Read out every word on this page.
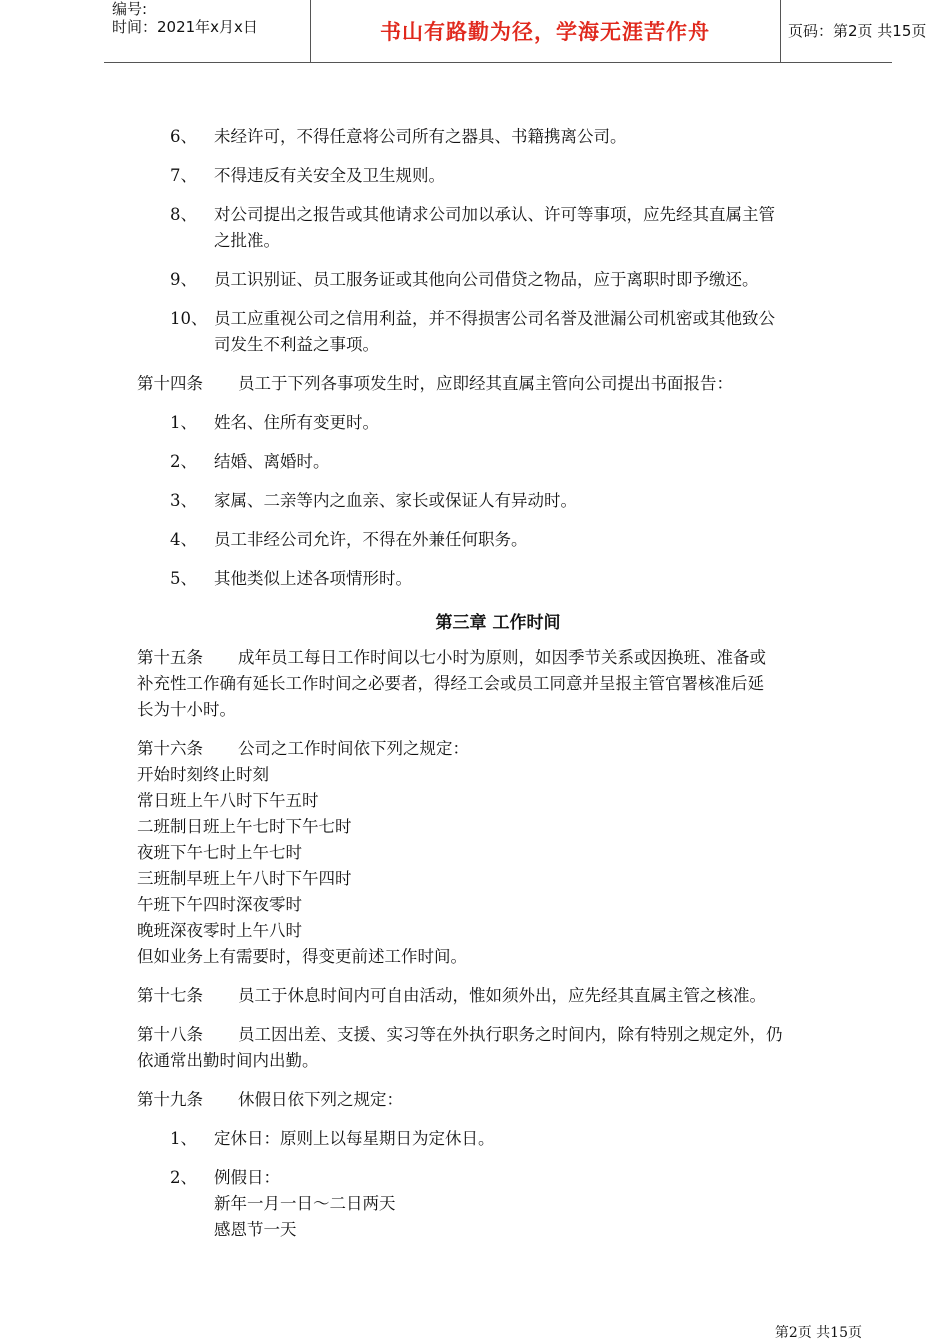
编号:
时间：2021年x月x日	书山有路勤为径，学海无涯苦作舟	页码：第2页 共15页
6、 未经许可，不得任意将公司所有之器具、书籍携离公司。
7、 不得违反有关安全及卫生规则。
8、 对公司提出之报告或其他请求公司加以承认、许可等事项，应先经其直属主管
之批准。
9、 员工识别证、员工服务证或其他向公司借贷之物品，应于离职时即予缴还。
10、 员工应重视公司之信用利益，并不得损害公司名誉及泄漏公司机密或其他致公
司发生不利益之事项。
第十四条 员工于下列各事项发生时，应即经其直属主管向公司提出书面报告：
1、 姓名、住所有变更时。
2、 结婚、离婚时。
3、 家属、二亲等内之血亲、家长或保证人有异动时。
4、 员工非经公司允许，不得在外兼任何职务。
5、 其他类似上述各项情形时。
第三章 工作时间
第十五条 成年员工每日工作时间以七小时为原则，如因季节关系或因换班、准备或
补充性工作确有延长工作时间之必要者，得经工会或员工同意并呈报主管官署核准后延
长为十小时。
第十六条 公司之工作时间依下列之规定：
开始时刻终止时刻
常日班上午八时下午五时
二班制日班上午七时下午七时
夜班下午七时上午七时
三班制早班上午八时下午四时
午班下午四时深夜零时
晚班深夜零时上午八时
但如业务上有需要时，得变更前述工作时间。
第十七条 员工于休息时间内可自由活动，惟如须外出，应先经其直属主管之核准。
第十八条 员工因出差、支援、实习等在外执行职务之时间内，除有特别之规定外，仍
依通常出勤时间内出勤。
第十九条 休假日依下列之规定：
1、 定休日：原则上以每星期日为定休日。
2、 例假日：
新年一月一日～二日两天
感恩节一天
第2页 共15页
